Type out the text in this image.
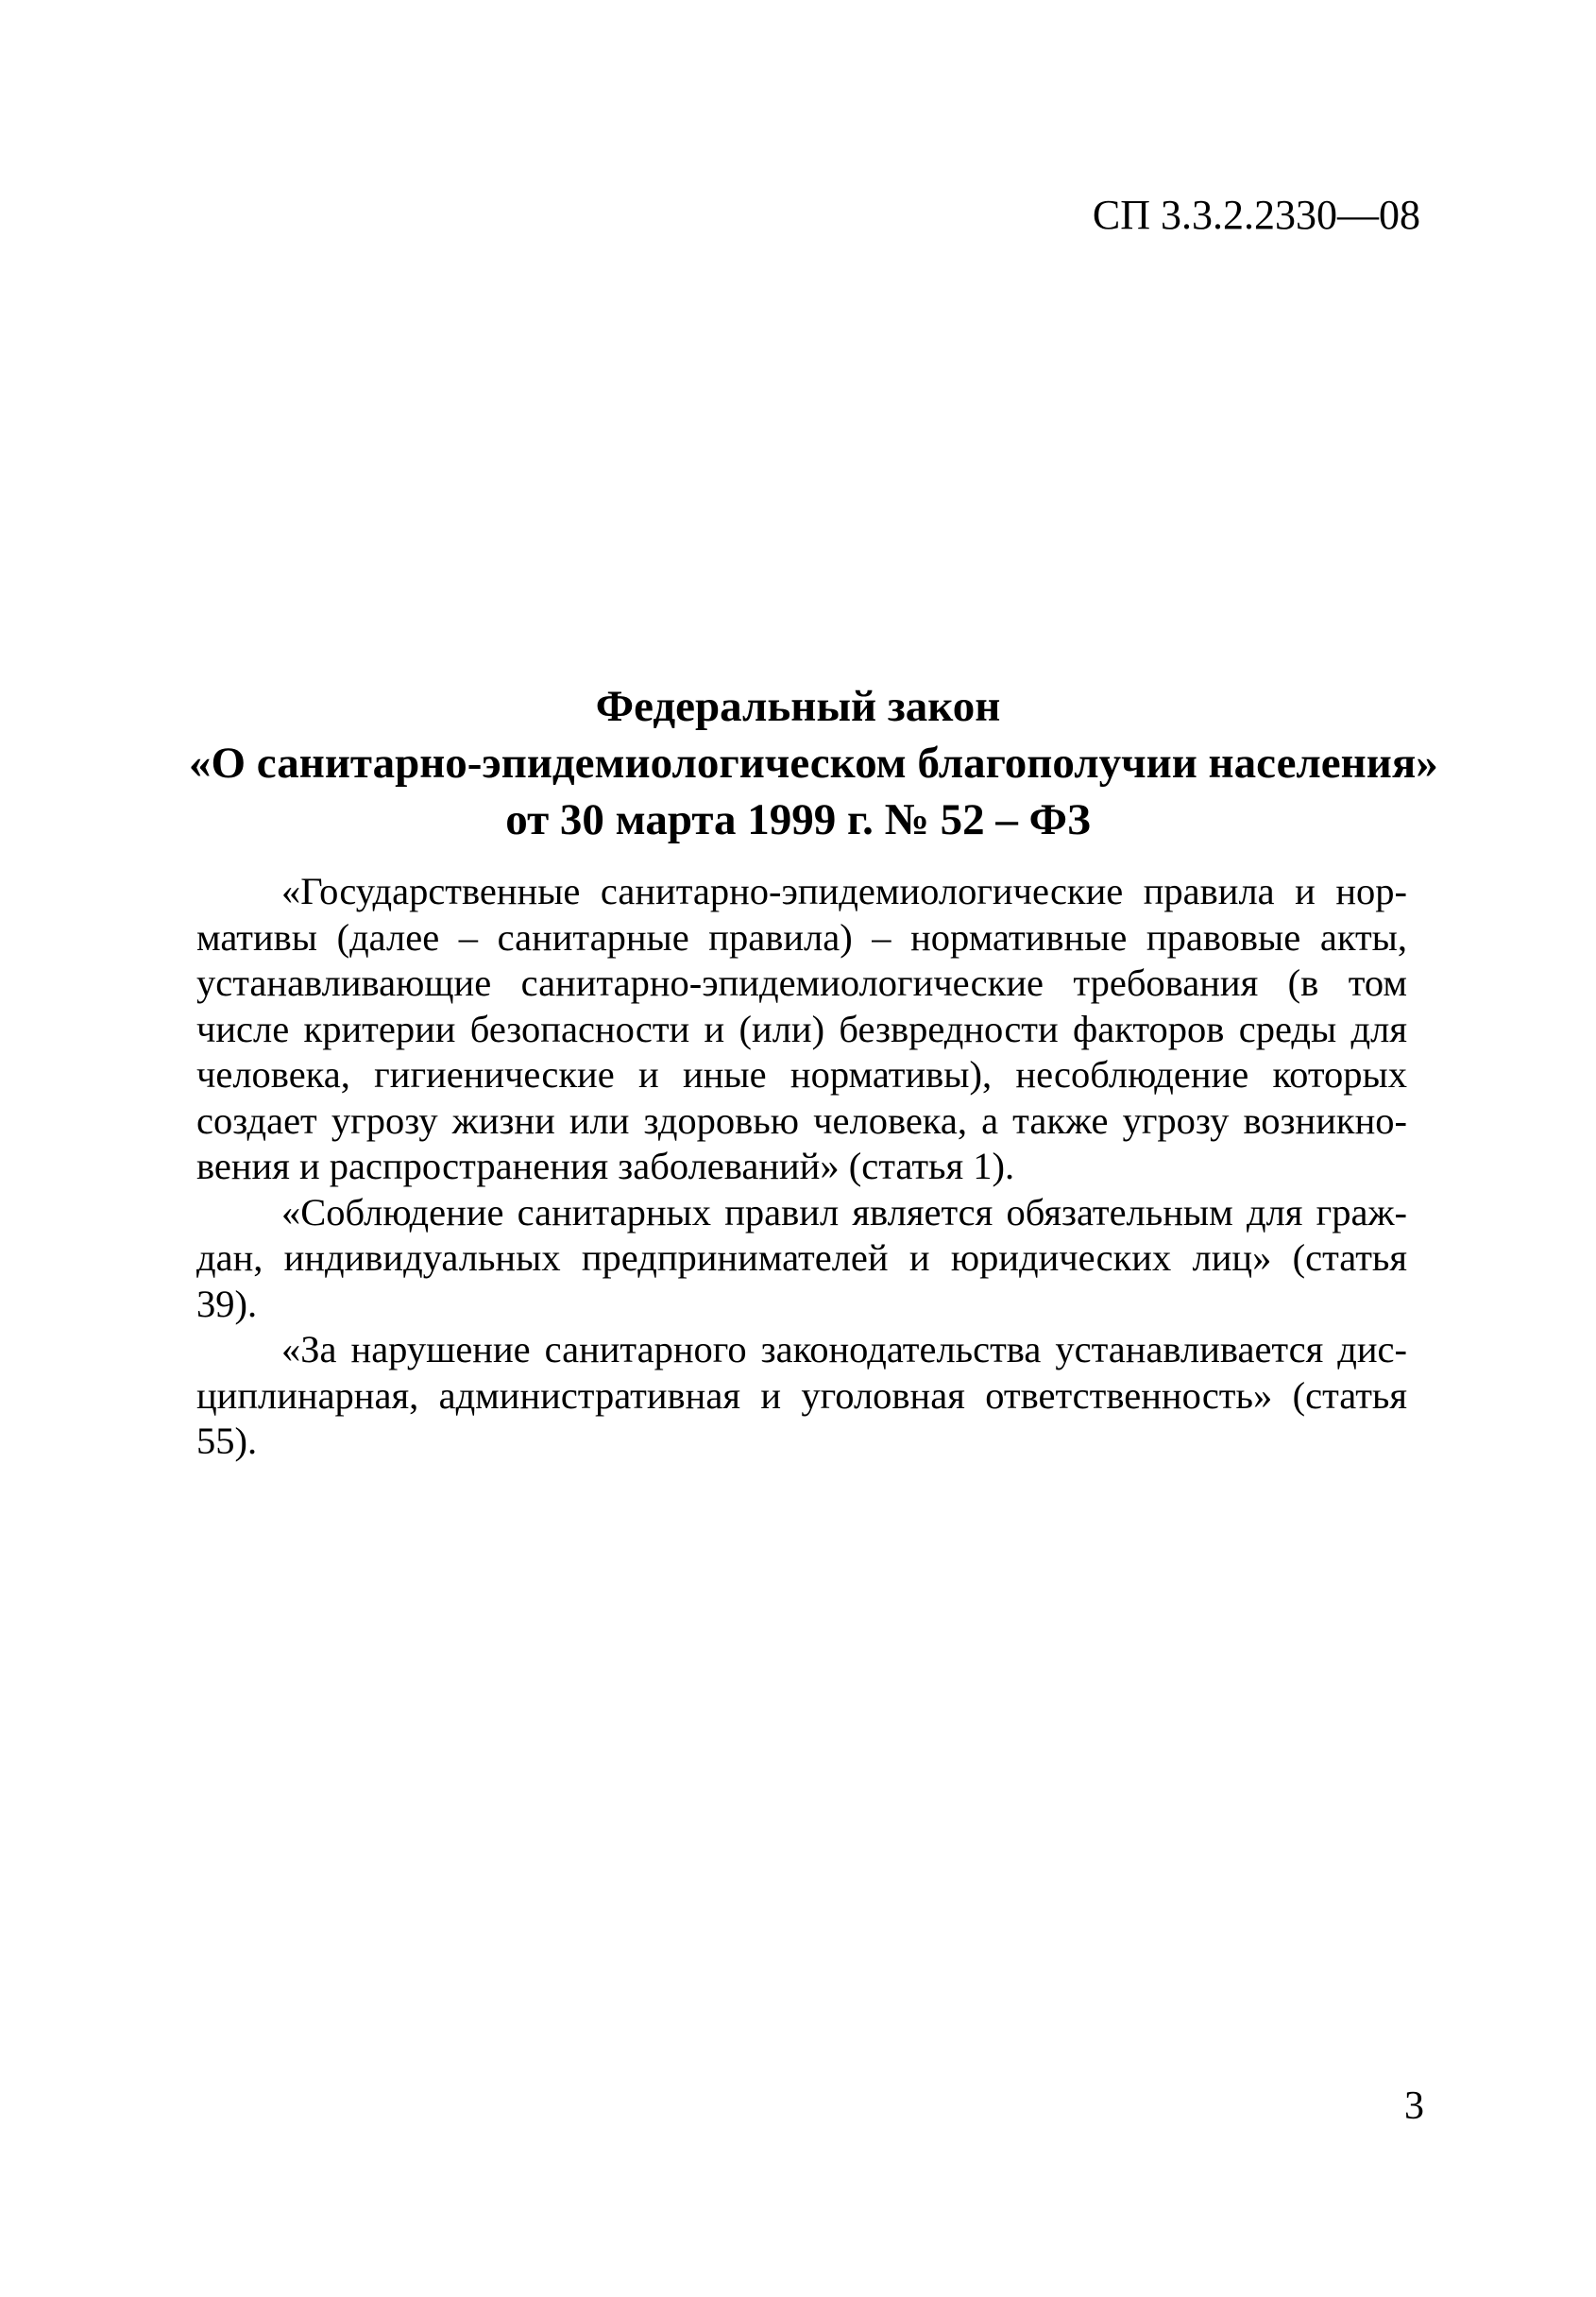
СП 3.3.2.2330—08
Федеральный закон
«О санитарно-эпидемиологическом благополучии населения»
от 30 марта 1999 г. № 52 – ФЗ

«Государственные санитарно-эпидемиологические правила и нормативы (далее – санитарные правила) – нормативные правовые акты, устанавливающие санитарно-эпидемиологические требования (в том числе критерии безопасности и (или) безвредности факторов среды для человека, гигиенические и иные нормативы), несоблюдение которых создает угрозу жизни или здоровью человека, а также угрозу возникновения и распространения заболеваний» (статья 1).

«Соблюдение санитарных правил является обязательным для граждан, индивидуальных предпринимателей и юридических лиц» (статья 39).

«За нарушение санитарного законодательства устанавливается дисциплинарная, административная и уголовная ответственность» (статья 55).

3
